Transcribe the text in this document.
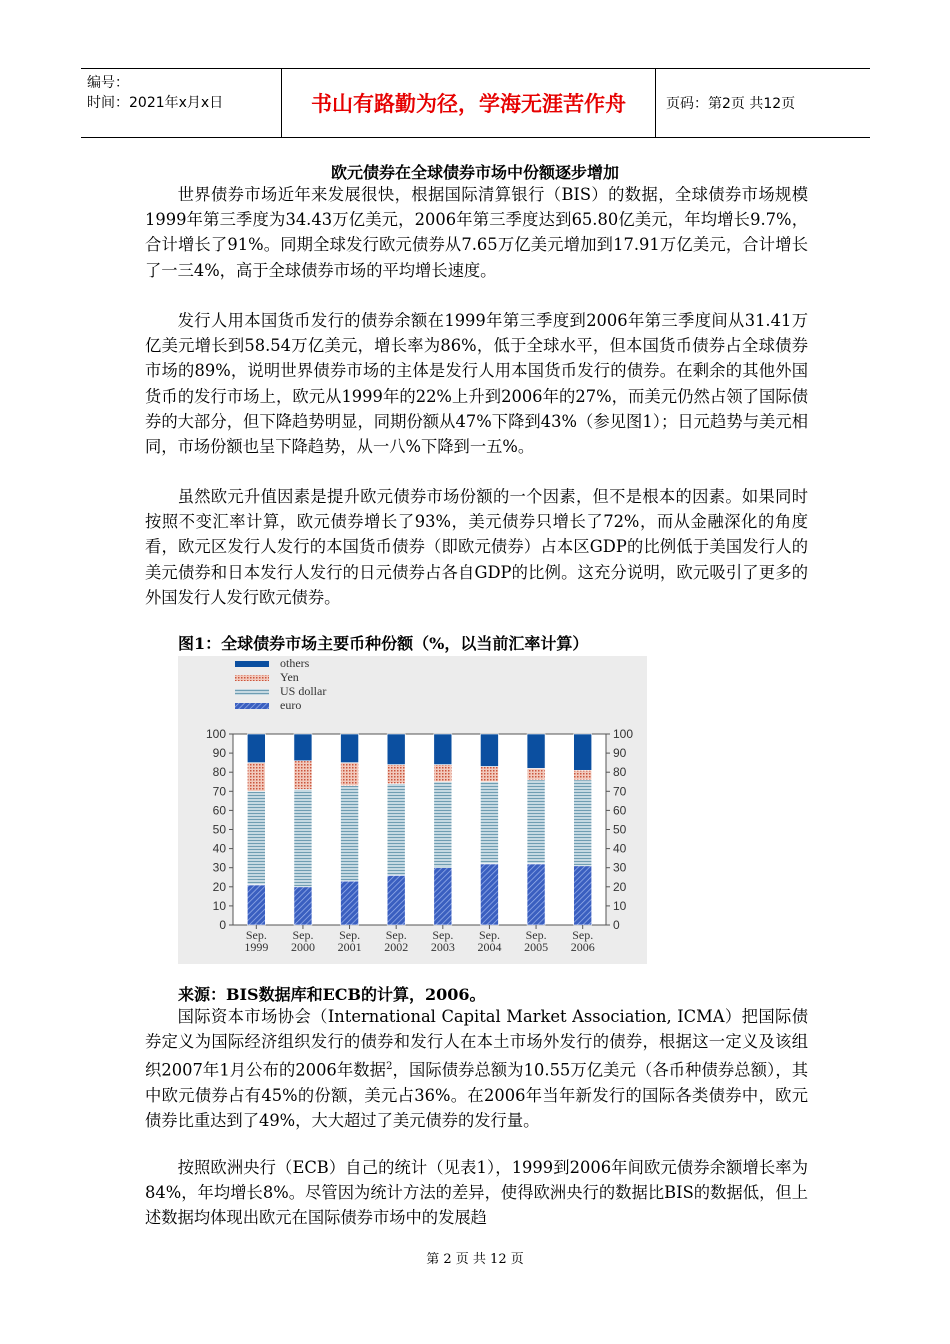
编号：
时间：2021年x月x日	书山有路勤为径，学海无涯苦作舟	页码：第2页 共12页
欧元债券在全球债券市场中份额逐步增加

世界债券市场近年来发展很快，根据国际清算银行（BIS）的数据，全球债券市场规模1999年第三季度为34.43万亿美元，2006年第三季度达到65.80亿美元，年均增长9.7%，合计增长了91%。同期全球发行欧元债券从7.65万亿美元增加到17.91万亿美元，合计增长了一三4%，高于全球债券市场的平均增长速度。

发行人用本国货币发行的债券余额在1999年第三季度到2006年第三季度间从31.41万亿美元增长到58.54万亿美元，增长率为86%，低于全球水平，但本国货币债券占全球债券市场的89%，说明世界债券市场的主体是发行人用本国货币发行的债券。在剩余的其他外国货币的发行市场上，欧元从1999年的22%上升到2006年的27%，而美元仍然占领了国际债券的大部分，但下降趋势明显，同期份额从47%下降到43%（参见图1）；日元趋势与美元相同，市场份额也呈下降趋势，从一八%下降到一五%。

虽然欧元升值因素是提升欧元债券市场份额的一个因素，但不是根本的因素。如果同时按照不变汇率计算，欧元债券增长了93%，美元债券只增长了72%，而从金融深化的角度看，欧元区发行人发行的本国货币债券（即欧元债券）占本区GDP的比例低于美国发行人的美元债券和日本发行人发行的日元债券占各自GDP的比例。这充分说明，欧元吸引了更多的外国发行人发行欧元债券。

图1：全球债券市场主要币种份额（%，以当前汇率计算）
0	0
10	10
20	20
30	30
40	40
50	50
60	60
70	70
80	80
90	90
100	100
Sep.
1999
Sep.
2000
Sep.
2001
Sep.
2002
Sep.
2003
Sep.
2004
Sep.
2005
Sep.
2006
others
Yen
US dollar
euro
来源：BIS数据库和ECB的计算，2006。

国际资本市场协会（International Capital Market Association, ICMA）把国际债券定义为国际经济组织发行的债券和发行人在本土市场外发行的债券，根据这一定义及该组织2007年1月公布的2006年数据$^2$，国际债券总额为10.55万亿美元（各币种债券总额），其中欧元债券占有45%的份额，美元占36%。在2006年当年新发行的国际各类债券中，欧元债券比重达到了49%，大大超过了美元债券的发行量。

按照欧洲央行（ECB）自己的统计（见表1），1999到2006年间欧元债券余额增长率为84%，年均增长8%。尽管因为统计方法的差异，使得欧洲央行的数据比BIS的数据低，但上述数据均体现出欧元在国际债券市场中的发展趋

第 2 页 共 12 页
